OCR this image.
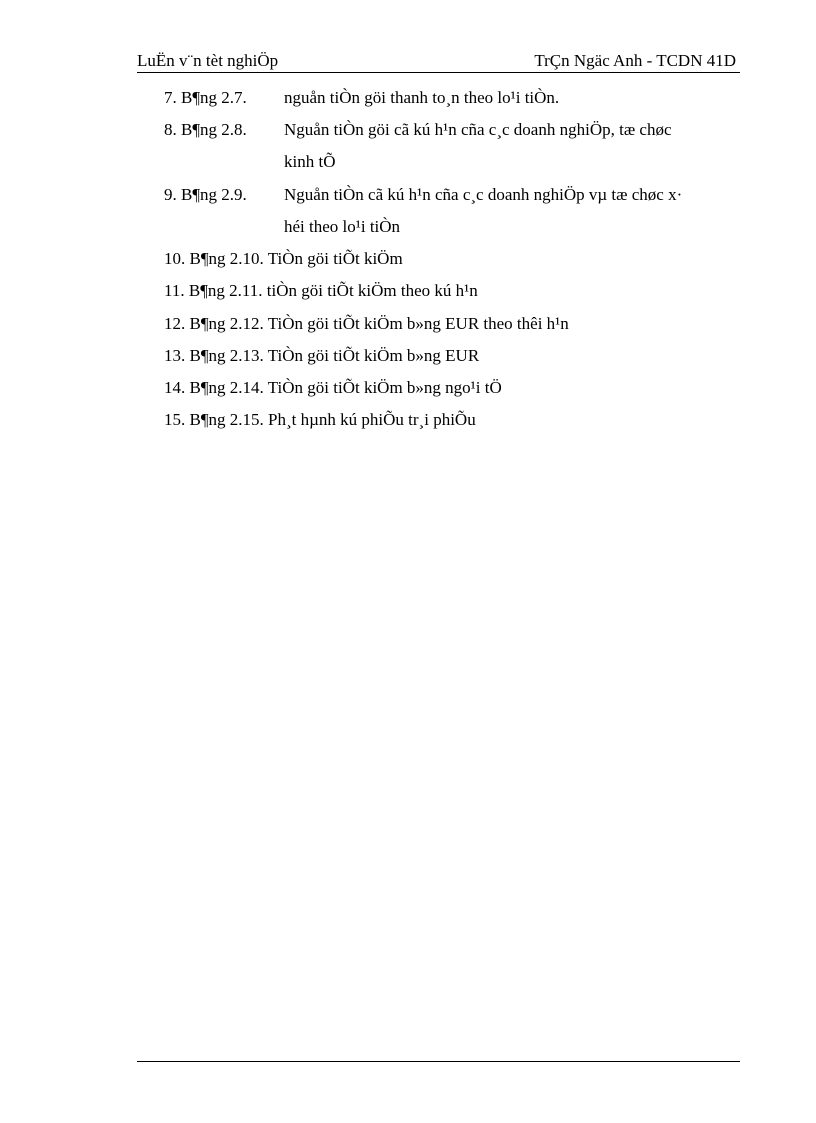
LuËn v¨n tèt nghiÖp	TrÇn Ngäc Anh - TCDN 41D
7. B¶ng 2.7. nguån tiÒn göi thanh to¸n theo lo¹i tiÒn.
8. B¶ng 2.8. Nguån tiÒn göi cã kú h¹n cña c¸c doanh nghiÖp, tæ chøc
kinh tÕ
9. B¶ng 2.9. Nguån tiÒn cã kú h¹n cña c¸c doanh nghiÖp vµ tæ chøc x·
héi theo lo¹i tiÒn
10. B¶ng 2.10. TiÒn göi tiÕt kiÖm
11. B¶ng 2.11. tiÒn göi tiÕt kiÖm theo kú h¹n
12. B¶ng 2.12. TiÒn göi tiÕt kiÖm b»ng EUR theo thêi h¹n
13. B¶ng 2.13. TiÒn göi tiÕt kiÖm b»ng EUR
14. B¶ng 2.14. TiÒn göi tiÕt kiÖm b»ng ngo¹i tÖ
15. B¶ng 2.15. Ph¸t hµnh kú phiÕu tr¸i phiÕu
